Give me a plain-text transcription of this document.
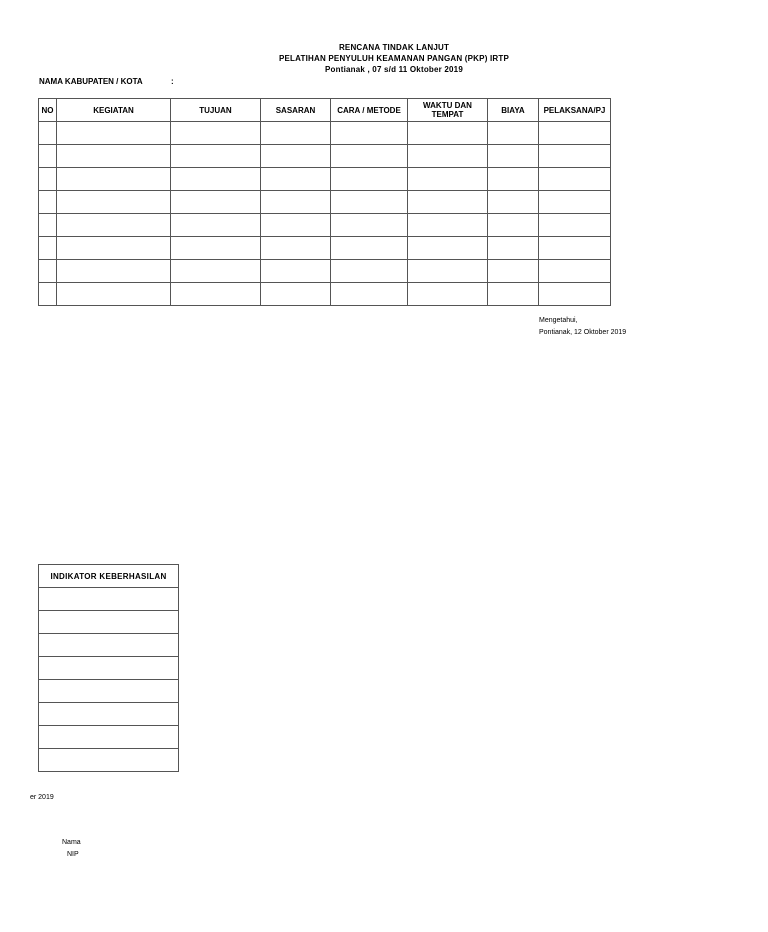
RENCANA TINDAK LANJUT
PELATIHAN PENYULUH KEAMANAN PANGAN (PKP) IRTP
Pontianak , 07 s/d 11 Oktober 2019
NAMA KABUPATEN / KOTA	:
NO	KEGIATAN	TUJUAN	SASARAN	CARA / METODE	WAKTU DAN TEMPAT	BIAYA	PELAKSANA/PJ

Mengetahui,
Pontianak, 12 Oktober 2019
INDIKATOR KEBERHASILAN

er 2019
Nama
NIP
